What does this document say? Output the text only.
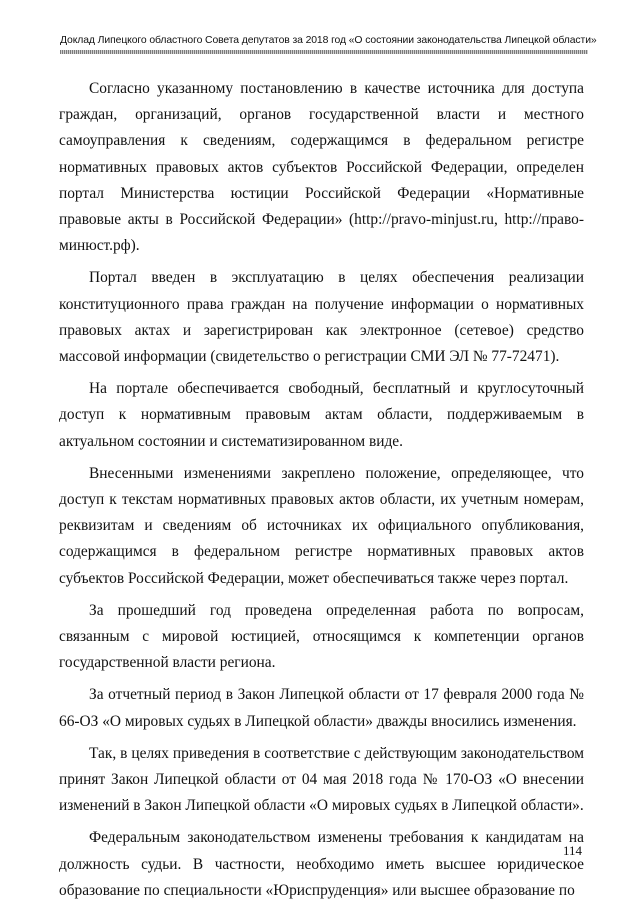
Доклад Липецкого областного Совета депутатов за 2018 год «О состоянии законодательства Липецкой области»

Согласно указанному постановлению в качестве источника для доступа граждан, организаций, органов государственной власти и местного самоуправления к сведениям, содержащимся в федеральном регистре нормативных правовых актов субъектов Российской Федерации, определен портал Министерства юстиции Российской Федерации «Нормативные правовые акты в Российской Федерации» (http://pravo-minjust.ru, http://право-минюст.рф).

Портал введен в эксплуатацию в целях обеспечения реализации конституционного права граждан на получение информации о нормативных правовых актах и зарегистрирован как электронное (сетевое) средство массовой информации (свидетельство о регистрации СМИ ЭЛ № 77-72471).

На портале обеспечивается свободный, бесплатный и круглосуточный доступ к нормативным правовым актам области, поддерживаемым в актуальном состоянии и систематизированном виде.

Внесенными изменениями закреплено положение, определяющее, что доступ к текстам нормативных правовых актов области, их учетным номерам, реквизитам и сведениям об источниках их официального опубликования, содержащимся в федеральном регистре нормативных правовых актов субъектов Российской Федерации, может обеспечиваться также через портал.

За прошедший год проведена определенная работа по вопросам, связанным с мировой юстицией, относящимся к компетенции органов государственной власти региона.

За отчетный период в Закон Липецкой области от 17 февраля 2000 года № 66-ОЗ «О мировых судьях в Липецкой области» дважды вносились изменения.

Так, в целях приведения в соответствие с действующим законодательством принят Закон Липецкой области от 04 мая 2018 года № 170-ОЗ «О внесении изменений в Закон Липецкой области «О мировых судьях в Липецкой области».

Федеральным законодательством изменены требования к кандидатам на должность судьи. В частности, необходимо иметь высшее юридическое образование по специальности «Юриспруденция» или высшее образование по

114
